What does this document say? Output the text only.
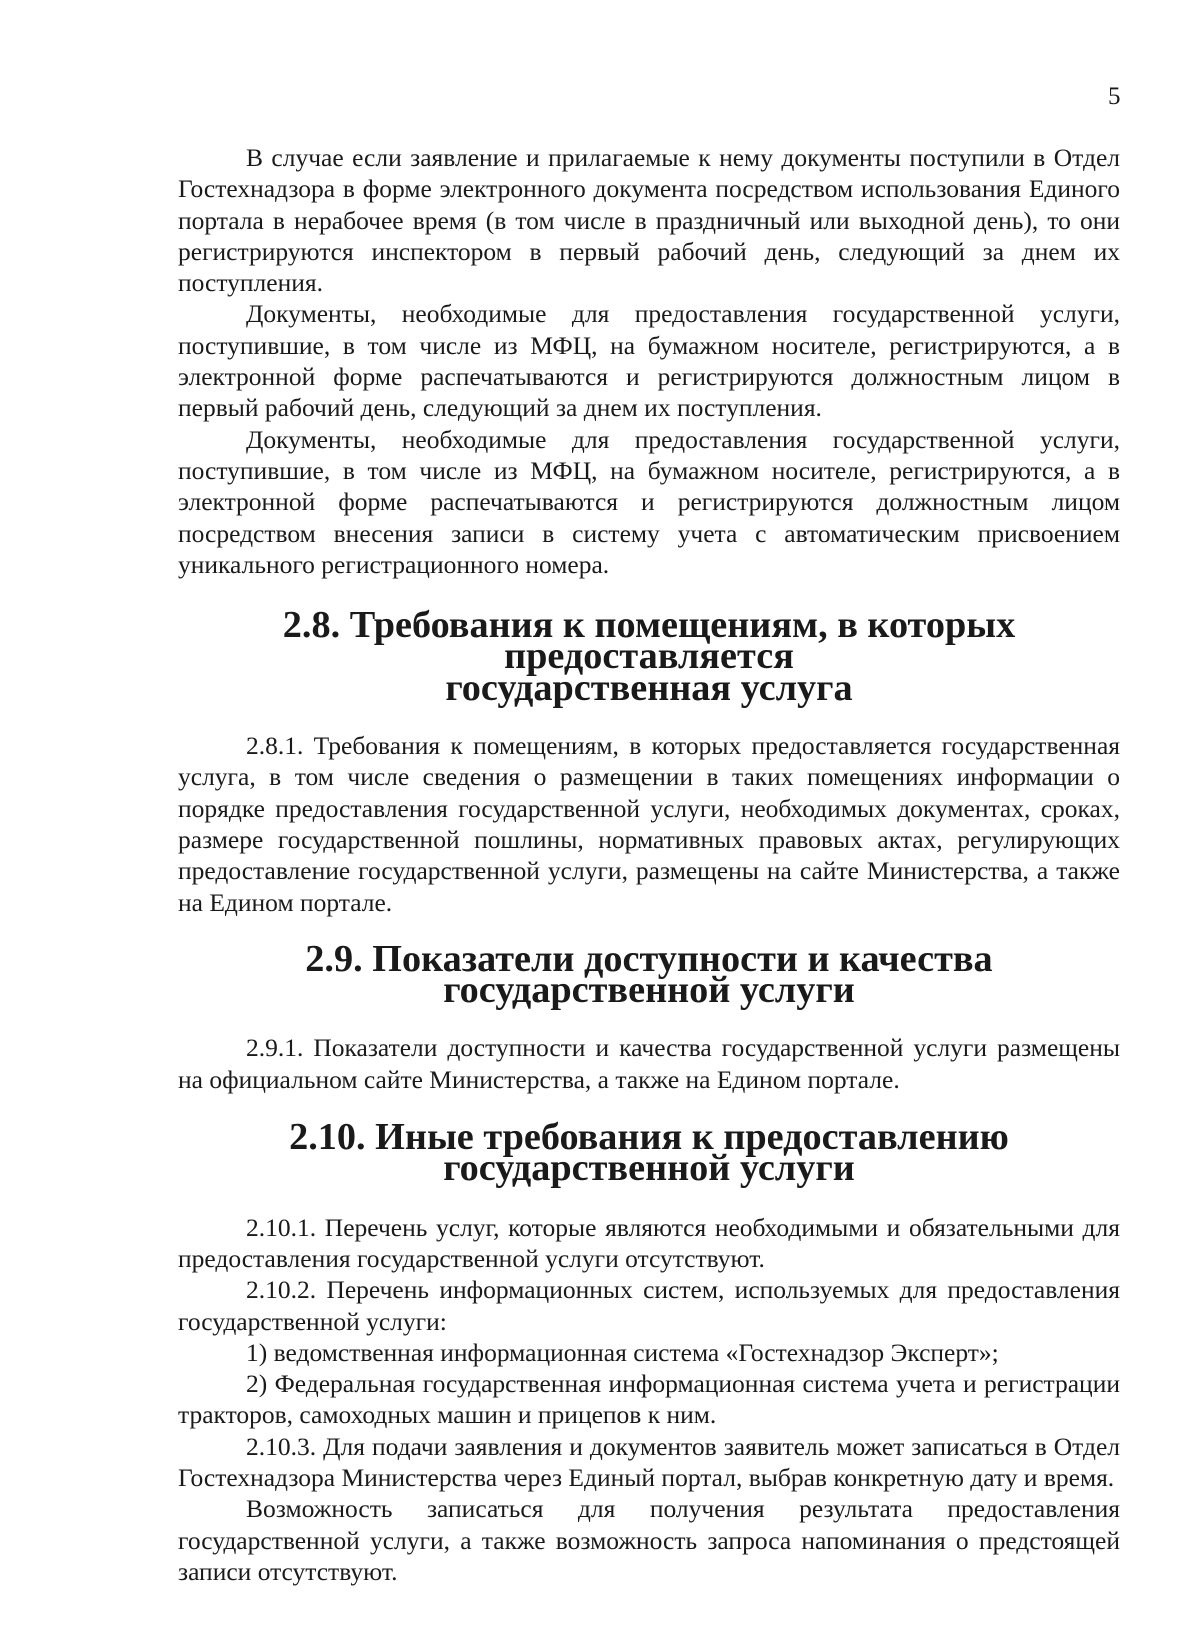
5

В случае если заявление и прилагаемые к нему документы поступили в Отдел Гостехнадзора в форме электронного документа посредством использования Единого портала в нерабочее время (в том числе в праздничный или выходной день), то они регистрируются инспектором в первый рабочий день, следующий за днем их поступления.

Документы, необходимые для предоставления государственной услуги, поступившие, в том числе из МФЦ, на бумажном носителе, регистрируются, а в электронной форме распечатываются и регистрируются должностным лицом в первый рабочий день, следующий за днем их поступления.

Документы, необходимые для предоставления государственной услуги, поступившие, в том числе из МФЦ, на бумажном носителе, регистрируются, а в электронной форме распечатываются и регистрируются должностным лицом посредством внесения записи в систему учета с автоматическим присвоением уникального регистрационного номера.

2.8. Требования к помещениям, в которых предоставляется
государственная услуга

2.8.1. Требования к помещениям, в которых предоставляется государственная услуга, в том числе сведения о размещении в таких помещениях информации о порядке предоставления государственной услуги, необходимых документах, сроках, размере государственной пошлины, нормативных правовых актах, регулирующих предоставление государственной услуги, размещены на сайте Министерства, а также на Едином портале.

2.9. Показатели доступности и качества государственной услуги

2.9.1. Показатели доступности и качества государственной услуги размещены на официальном сайте Министерства, а также на Едином портале.

2.10. Иные требования к предоставлению государственной услуги

2.10.1. Перечень услуг, которые являются необходимыми и обязательными для предоставления государственной услуги отсутствуют.

2.10.2. Перечень информационных систем, используемых для предоставления государственной услуги:

1) ведомственная информационная система «Гостехнадзор Эксперт»;

2) Федеральная государственная информационная система учета и регистрации тракторов, самоходных машин и прицепов к ним.

2.10.3. Для подачи заявления и документов заявитель может записаться в Отдел Гостехнадзора Министерства через Единый портал, выбрав конкретную дату и время.

Возможность записаться для получения результата предоставления государственной услуги, а также возможность запроса напоминания о предстоящей записи отсутствуют.
